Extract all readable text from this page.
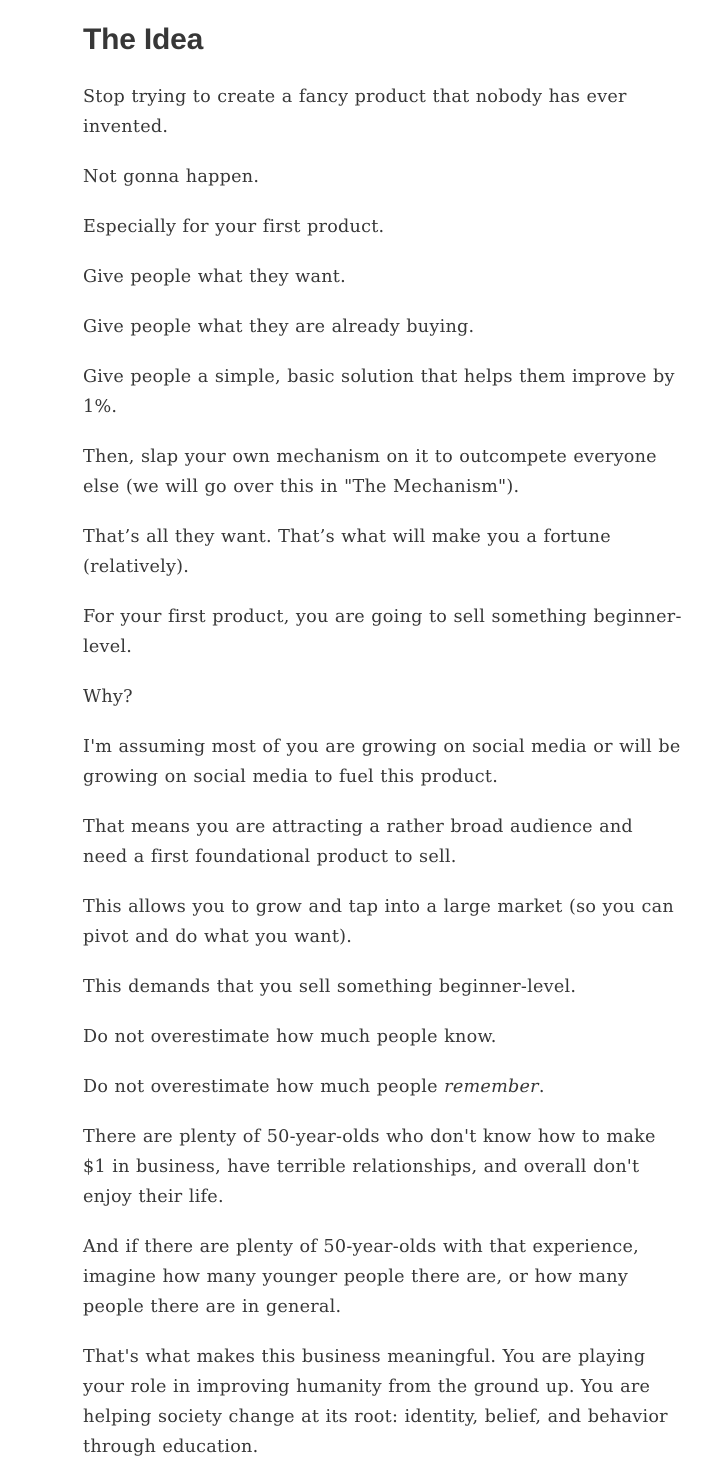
The Idea

Stop trying to create a fancy product that nobody has ever invented.

Not gonna happen.

Especially for your first product.

Give people what they want.

Give people what they are already buying.

Give people a simple, basic solution that helps them improve by 1%.

Then, slap your own mechanism on it to outcompete everyone else (we will go over this in "The Mechanism").

That’s all they want. That’s what will make you a fortune (relatively).

For your first product, you are going to sell something beginner-level.

Why?

I'm assuming most of you are growing on social media or will be growing on social media to fuel this product.

That means you are attracting a rather broad audience and need a first foundational product to sell.

This allows you to grow and tap into a large market (so you can pivot and do what you want).

This demands that you sell something beginner-level.

Do not overestimate how much people know.

Do not overestimate how much people remember.

There are plenty of 50-year-olds who don't know how to make $1 in business, have terrible relationships, and overall don't enjoy their life.

And if there are plenty of 50-year-olds with that experience, imagine how many younger people there are, or how many people there are in general.

That's what makes this business meaningful. You are playing your role in improving humanity from the ground up. You are helping society change at its root: identity, belief, and behavior through education.
